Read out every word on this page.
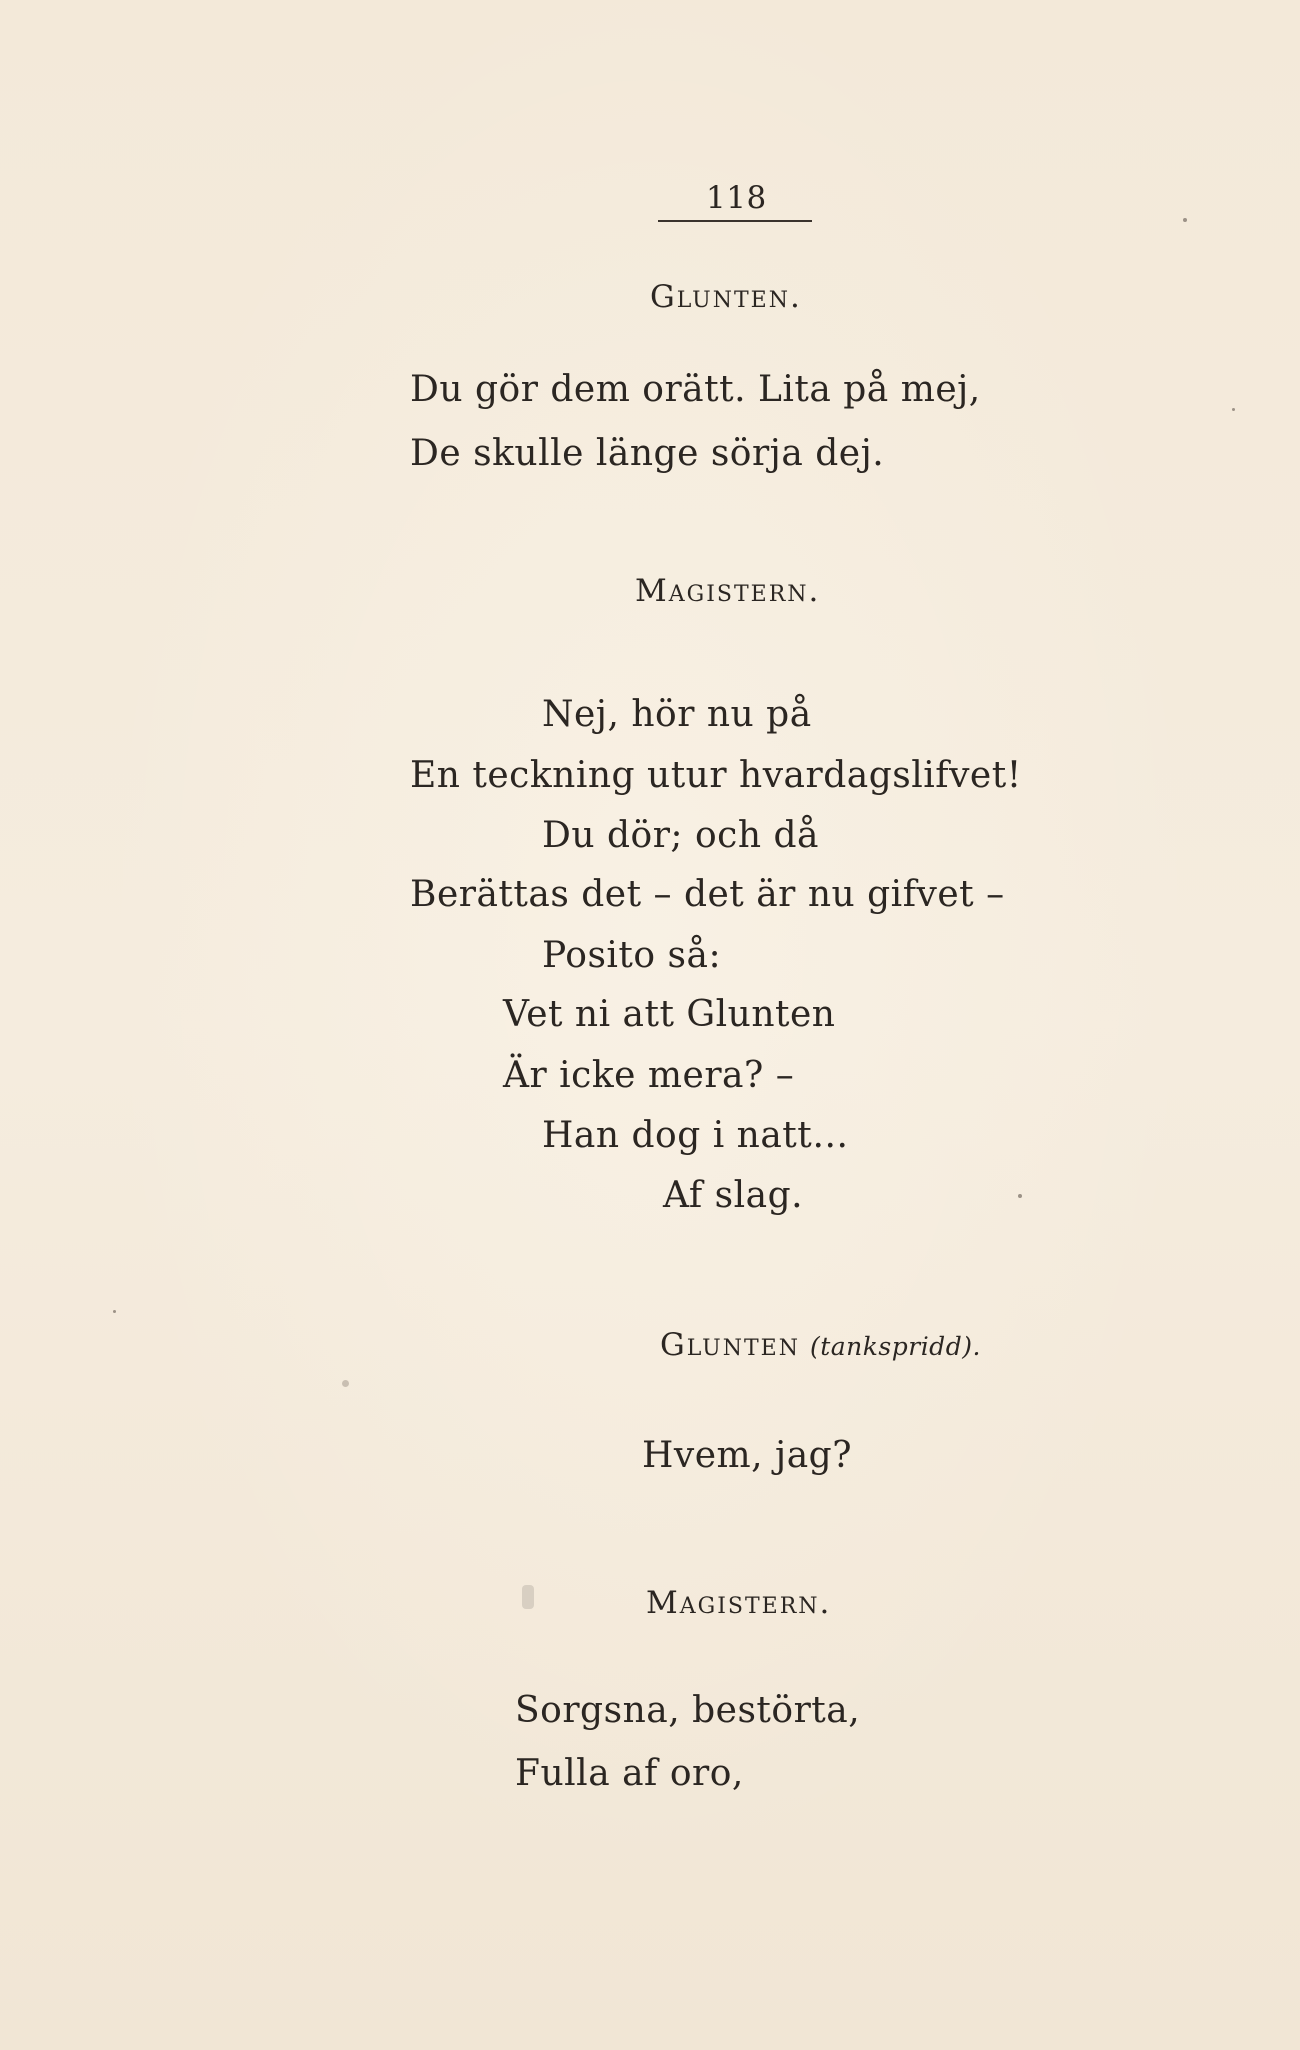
118
Glunten.
Du gör dem orätt. Lita på mej,
De skulle länge sörja dej.
Magistern.
Nej, hör nu på
En teckning utur hvardagslifvet!
Du dör; och då
Berättas det – det är nu gifvet –
Posito så:
Vet ni att Glunten
Är icke mera? –
Han dog i natt…
Af slag.
Glunten (tankspridd).
Hvem, jag?
Magistern.
Sorgsna, bestörta,
Fulla af oro,
